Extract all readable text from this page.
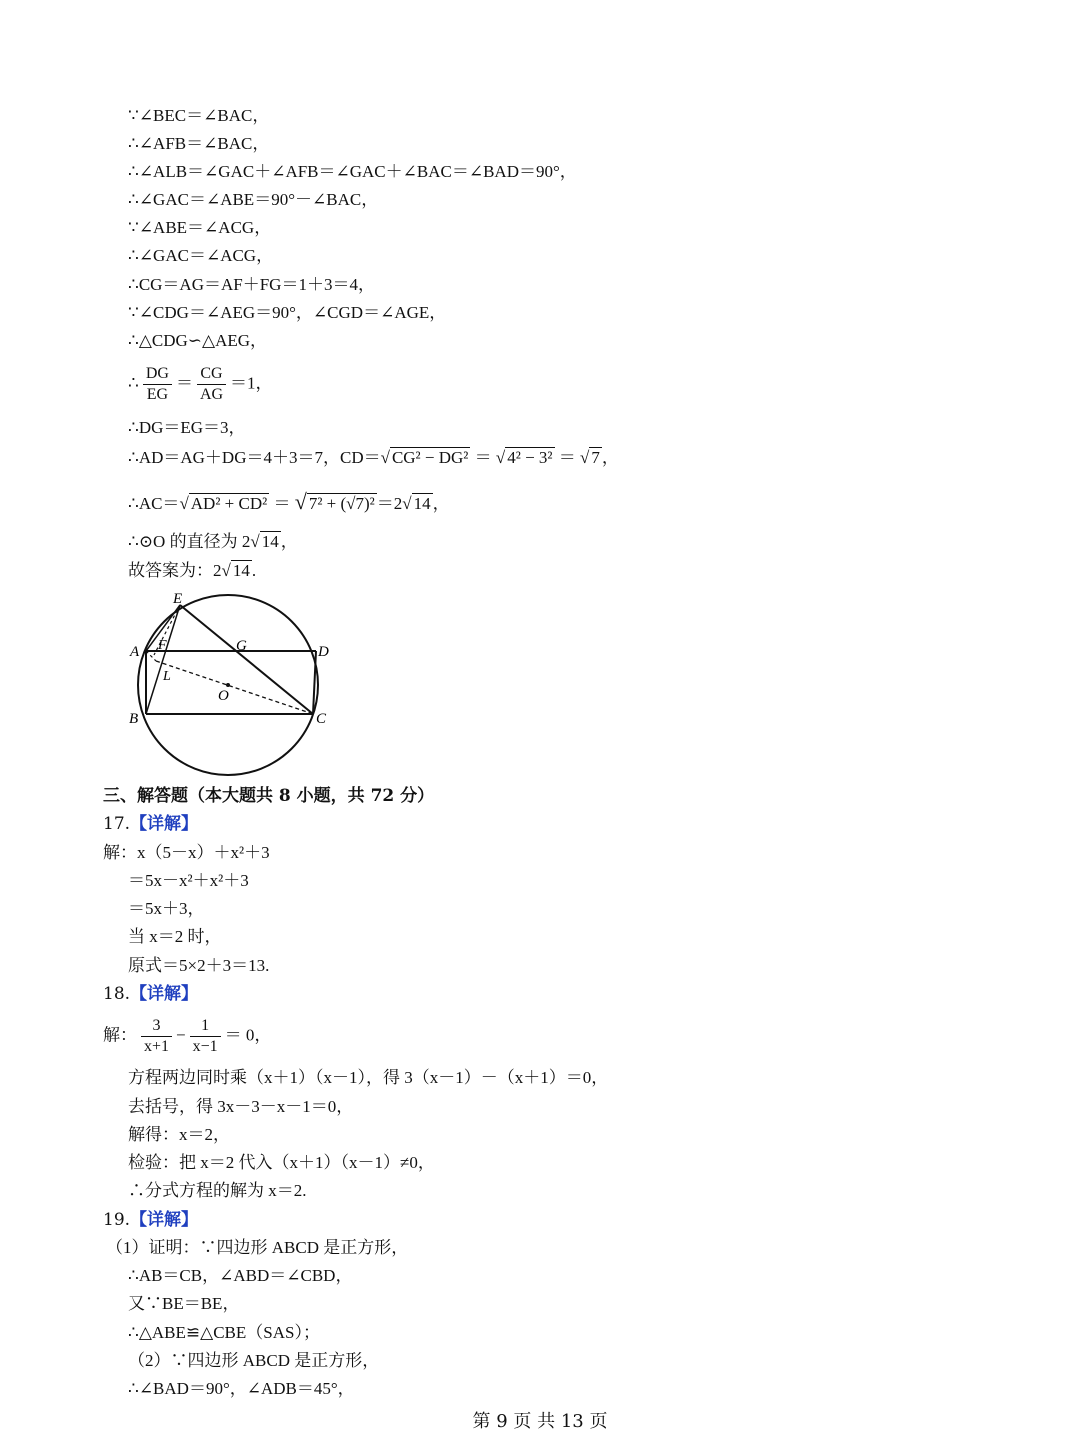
∵∠BEC＝∠BAC，
∴∠AFB＝∠BAC，
∴∠ALB＝∠GAC＋∠AFB＝∠GAC＋∠BAC＝∠BAD＝90°，
∴∠GAC＝∠ABE＝90°－∠BAC，
∵∠ABE＝∠ACG，
∴∠GAC＝∠ACG，
∴CG＝AG＝AF＋FG＝1＋3＝4，
∵∠CDG＝∠AEG＝90°，∠CGD＝∠AGE，
∴△CDG∽△AEG，
∴ $\frac{DG}{EG} = \frac{CG}{AG} =1$，
∴DG＝EG＝3，
∴AD＝AG＋DG＝4＋3＝7，CD＝√ CG² − DG² ＝ √ 4² − 3² ＝ √ 7 ，
∴AC＝√ AD² + CD² ＝ √ 7² + (√7)² ＝2√ 14 ，
∴⊙O 的直径为 2√ 14 ，
故答案为：2√ 14 .
E
A F	G	D
L
O
B	C
三、解答题（本大题共 8 小题，共 72 分）
17.【详解】
解：x（5－x）＋x²＋3
＝5x－x²＋x²＋3
＝5x＋3，
当 x＝2 时，
原式＝5×2＋3＝13.
18.【详解】
解： $\frac{3}{x+1} - \frac{1}{x-1} = 0$，
方程两边同时乘（x＋1）（x－1），得 3（x－1）－（x＋1）＝0，
去括号，得 3x－3－x－1＝0，
解得：x＝2，
检验：把 x＝2 代入（x＋1）（x－1）≠0，
∴分式方程的解为 x＝2.
19.【详解】
（1）证明：∵四边形 ABCD 是正方形，
∴AB＝CB，∠ABD＝∠CBD，
又∵BE＝BE，
∴△ABE≌△CBE（SAS）；
（2）∵四边形 ABCD 是正方形，
∴∠BAD＝90°，∠ADB＝45°，
第 9 页 共 13 页
